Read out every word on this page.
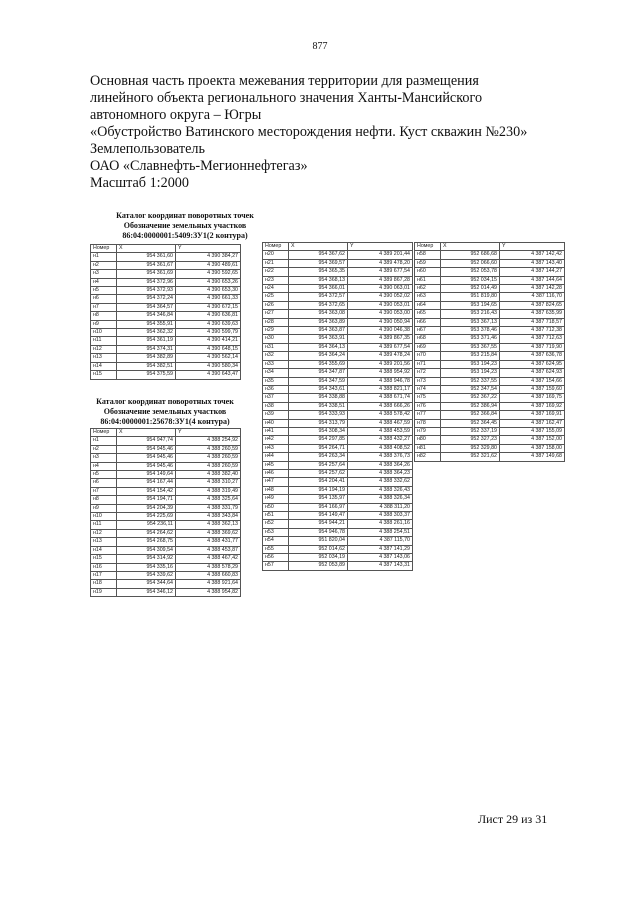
877
Основная часть проекта межевания территории для размещения
линейного объекта регионального значения Ханты-Мансийского
автономного округа – Югры
«Обустройство Ватинского месторождения нефти. Куст скважин №230»
Землепользователь
ОАО «Славнефть-Мегионнефтегаз»
Масштаб 1:2000
Каталог координат поворотных точек
Обозначение земельных участков
86:04:0000001:5409:ЗУ1(2 контура)
Номер	X	Y
н1	954 361,60	4 390 384,27
н2	954 361,67	4 390 489,61
н3	954 361,69	4 390 592,65
н4	954 372,96	4 390 653,26
н5	954 372,93	4 390 653,30
н6	954 372,24	4 390 661,33
н7	954 364,57	4 390 672,15
н8	954 346,84	4 390 636,81
н9	954 355,91	4 390 639,63
н10	954 362,32	4 390 599,79
н11	954 361,19	4 390 414,21
н12	954 374,31	4 390 648,15
н13	954 382,89	4 390 562,14
н14	954 382,51	4 390 580,34
н15	954 375,59	4 390 643,47
Каталог координат поворотных точек
Обозначение земельных участков
86:04:0000001:25678:ЗУ1(4 контура)
Номер	X	Y
н1	954 947,74	4 388 254,92
н2	954 945,46	4 388 260,59
н3	954 945,46	4 388 260,59
н4	954 945,46	4 388 260,59
н5	954 149,64	4 388 382,40
н6	954 167,44	4 388 310,27
н7	954 154,42	4 388 319,49
н8	954 194,71	4 388 325,64
н9	954 204,39	4 388 331,79
н10	954 225,69	4 388 343,84
н11	954 236,11	4 388 362,13
н12	954 264,62	4 388 369,62
н13	954 268,75	4 388 431,77
н14	954 309,54	4 388 453,87
н15	954 314,92	4 388 467,42
н16	954 335,16	4 388 578,29
н17	954 339,62	4 388 660,83
н18	954 344,64	4 388 921,64
н19	954 346,12	4 388 954,82
Номер	X	Y
н20	954 367,62	4 389 201,44
н21	954 369,57	4 389 478,20
н22	954 365,35	4 389 677,54
н23	954 368,13	4 389 867,28
н24	954 366,01	4 390 063,01
н25	954 372,57	4 390 052,02
н26	954 372,65	4 390 053,01
н27	954 363,08	4 390 053,00
н28	954 363,89	4 390 050,94
н29	954 363,87	4 390 046,38
н30	954 363,91	4 389 867,35
н31	954 364,13	4 389 677,54
н32	954 364,24	4 389 478,24
н33	954 355,69	4 389 201,56
н34	954 347,87	4 388 954,92
н35	954 347,59	4 388 946,78
н36	954 343,61	4 388 821,17
н37	954 338,88	4 388 671,74
н38	954 338,51	4 388 666,26
н39	954 333,93	4 388 578,42
н40	954 313,79	4 388 467,59
н41	954 308,34	4 388 453,59
н42	954 297,85	4 388 432,27
н43	954 264,71	4 388 408,52
н44	954 263,34	4 388 376,73
н45	954 257,64	4 388 364,26
н46	954 257,62	4 388 364,23
н47	954 204,41	4 388 332,62
н48	954 194,19	4 388 326,43
н49	954 135,97	4 388 326,34
н50	954 166,97	4 388 311,20
н51	954 149,47	4 388 303,37
н52	954 944,21	4 388 261,16
н53	954 946,78	4 388 254,51
н54	951 820,04	4 387 115,70
н55	952 014,62	4 387 141,29
н56	952 034,19	4 387 143,06
н57	952 053,89	4 387 143,31
Номер	X	Y
н58	952 686,68	4 387 142,42
н59	952 066,60	4 387 143,40
н60	952 053,78	4 387 144,27
н61	952 034,15	4 387 144,64
н62	952 014,49	4 387 142,28
н63	951 819,80	4 387 116,70
н64	953 194,65	4 387 824,65
н65	953 216,43	4 387 635,99
н66	953 367,13	4 387 718,57
н67	953 378,46	4 387 712,38
н68	953 371,46	4 387 712,63
н69	953 367,55	4 387 719,90
н70	953 215,84	4 387 636,78
н71	953 194,23	4 387 624,95
н72	953 194,23	4 387 624,93
н73	952 337,55	4 387 154,66
н74	952 347,54	4 387 159,60
н75	952 367,22	4 387 169,75
н76	952 386,94	4 387 169,92
н77	952 366,84	4 387 169,91
н78	952 364,45	4 387 162,47
н79	952 337,19	4 387 155,09
н80	952 327,23	4 387 152,00
н81	952 329,80	4 387 158,00
н82	952 321,62	4 387 149,68
Лист 29 из 31
